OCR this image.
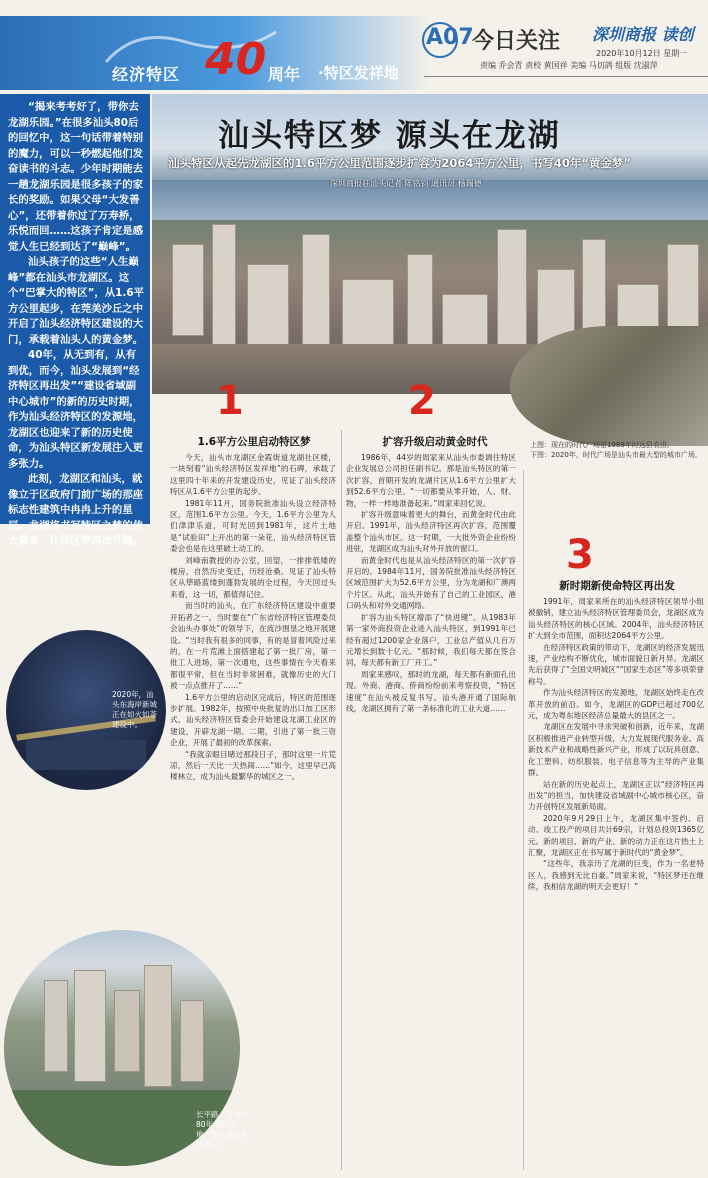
经济特区 40 周年 ·特区发祥地
A07
今日关注 深圳商报 读创
2020年10月12日 星期一
责编 乔会青 责校 黄国祥 美编 马切鸽 组版 沈淑萍
汕头特区梦 源头在龙湖
汕头特区从起先龙湖区的1.6平方公里范围逐步扩容为2064平方公里，书写40年“黄金梦”
深圳商报驻汕头记者 陈铭钧 通讯员 杨瑞德
1	2
上图：现在的时代广场是1989年时远县农田。
下图：2020年，时代广场是汕头市最大型的城市广场。
3

“揭来考考好了，带你去龙湖乐园。”在很多汕头80后的回忆中，这一句话带着特别的魔力，可以一秒燃起他们发奋读书的斗志。少年时期能去一趟龙湖乐园是很多孩子的家长的奖励。如果父母“大发善心”，还带着你过了万寿桥，乐悦而回……这孩子肯定是感觉人生已经到达了“巅峰”。

汕头孩子的这些“人生巅峰”都在汕头市龙湖区。这个“巴掌大的特区”，从1.6平方公里起步，在莞美沙丘之中开启了汕头经济特区建设的大门，承载着汕头人的黄金梦。

40年，从无到有，从有到优，而今，汕头发展到“经济特区再出发”“建设省域副中心城市”的新的历史时期，作为汕头经济特区的发源地，龙湖区也迎来了新的历史使命，为汕头特区新发展注入更多张力。

此刻，龙湖区和汕头，就像立于区政府门前广场的那座标志性建筑中冉冉上升的星辰。龙湖将书写特区之梦的伟大篇章，让特区梦再次升腾。

2020年，汕头东海岸新城正在如火如荼建设中。
长平路，上世纪80年代的沙地，现在变成大城林立。
1.6平方公里启动特区梦

今天，汕头市龙湖区金霞街道龙湖社区楼，一块刻着“汕头经济特区发祥地”的石碑，承载了这里四十年来的开发建设历史，见证了汕头经济特区从1.6平方公里的起步。

1981年11月，国务院批准汕头设立经济特区，范围1.6平方公里。今天，1.6平方公里为人们津津乐道，可时光回到1981年，这片土地是“试验田”上开出的第一朵花，汕头经济特区管委会也是在这里破土动工的。

刘峰南教授的办公室，回望，一排排低矮的楼房，自然历史变迁，历经沧桑。见证了汕头特区从筚路蓝缕到蓬勃发展的全过程，今天回过头来看，这一切，都值得记住。

而当时的汕头，在广东经济特区建设中重要开拓者之一。当时要在“广东省经济特区管理委员会汕头办事处”的领导下，在流沙围垦之地开展建设。“当时我有很多的同事，有的是冒着风险过来的，在一片荒滩上面搭建起了第一批厂房，第一批工人进场，第一次通电，这些事情在今天看来都很平常，但在当时非常困难，就像历史的大门被一点点推开了……”

1.6平方公里的启动区完成后，特区的范围逐步扩展。1982年，按照中央批复的出口加工区形式，汕头经济特区管委会开始建设龙湖工业区的建设，开辟龙湖一期、二期，引进了第一批三资企业，开展了最初的改革探索。

“我就亲眼目睹过那段日子，那时这里一片荒凉，然后一天比一天热闹……”如今，这里早已高楼林立，成为汕头最繁华的城区之一。

扩容升级启动黄金时代

1986年，44岁的周家来从汕头市委调往特区企业发展总公司担任副书记。那是汕头特区的第一次扩容，首期开发的龙湖片区从1.6平方公里扩大到52.6平方公里。“一切都要从零开始，人、财、物，一样一样地准备起来。”周家来回忆说。

扩容升级意味着更大的舞台，而黄金时代由此开启。1991年，汕头经济特区再次扩容，范围覆盖整个汕头市区。这一时期，一大批外资企业纷纷进驻，龙湖区成为汕头对外开放的窗口。

而黄金时代也是从汕头经济特区的第一次扩容开启的。1984年11月，国务院批准汕头经济特区区域范围扩大为52.6平方公里，分为龙湖和广澳两个片区。从此，汕头开始有了自己的工业园区、港口码头和对外交通网络。

扩容为汕头特区增添了“快进键”。从1983年第一家外商投资企业进入汕头特区，到1991年已经有超过1200家企业落户，工业总产值从几百万元增长到数十亿元。“那时候，我们每天都在签合同，每天都有新工厂开工。”

周家来感叹，那时的龙湖，每天都有新面孔出现。外商、港商、侨商纷纷前来考察投资，“特区速度”在汕头被反复书写。汕头港开通了国际航线，龙湖区拥有了第一条标准化的工业大道……

新时期新使命特区再出发

1991年，周家来所在的汕头经济特区领导小组被撤销，建立汕头经济特区管理委员会，龙湖区成为汕头经济特区的核心区域。2004年，汕头经济特区扩大到全市范围，面积达2064平方公里。

在经济特区政策的带动下，龙湖区的经济发展迅速，产业结构不断优化，城市面貌日新月异。龙湖区先后获得了“全国文明城区”“国家生态区”等多项荣誉称号。

作为汕头经济特区的发源地，龙湖区始终走在改革开放的前沿。如今，龙湖区的GDP已超过700亿元，成为粤东地区经济总量最大的县区之一。

龙湖区在发展中寻求突破和创新，近年来，龙湖区积极推进产业转型升级，大力发展现代服务业、高新技术产业和战略性新兴产业，形成了以玩具创意、化工塑料、纺织服装、电子信息等为主导的产业集群。

站在新的历史起点上，龙湖区正以“经济特区再出发”的担当，加快建设省域副中心城市核心区，奋力开创特区发展新局面。

2020年9月29日上午，龙湖区集中签约、启动、竣工投产的项目共计69宗，计划总投资1365亿元。新的项目、新的产业、新的动力正在这片热土上汇聚，龙湖区正在书写属于新时代的“黄金梦”。

“这些年，我亲历了龙湖的巨变，作为一名老特区人，我感到无比自豪。”周家来说，“特区梦还在继续，我相信龙湖的明天会更好！”
